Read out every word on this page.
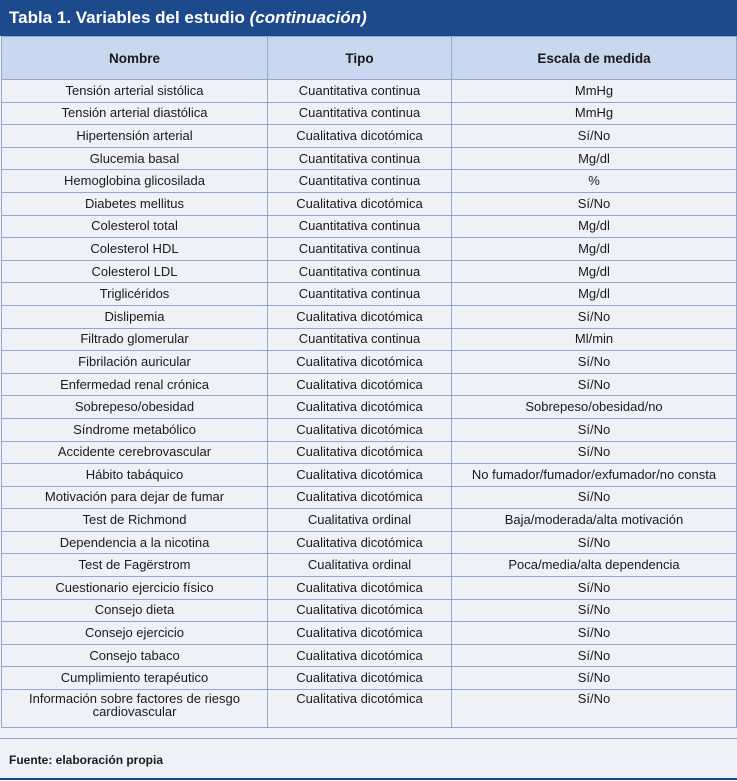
Tabla 1. Variables del estudio (continuación)
Nombre	Tipo	Escala de medida
Tensión arterial sistólica	Cuantitativa continua	MmHg
Tensión arterial diastólica	Cuantitativa continua	MmHg
Hipertensión arterial	Cualitativa dicotómica	Sí/No
Glucemia basal	Cuantitativa continua	Mg/dl
Hemoglobina glicosilada	Cuantitativa continua	%
Diabetes mellitus	Cualitativa dicotómica	Sí/No
Colesterol total	Cuantitativa continua	Mg/dl
Colesterol HDL	Cuantitativa continua	Mg/dl
Colesterol LDL	Cuantitativa continua	Mg/dl
Triglicéridos	Cuantitativa continua	Mg/dl
Dislipemia	Cualitativa dicotómica	Sí/No
Filtrado glomerular	Cuantitativa continua	Ml/min
Fibrilación auricular	Cualitativa dicotómica	Sí/No
Enfermedad renal crónica	Cualitativa dicotómica	Sí/No
Sobrepeso/obesidad	Cualitativa dicotómica	Sobrepeso/obesidad/no
Síndrome metabólico	Cualitativa dicotómica	Sí/No
Accidente cerebrovascular	Cualitativa dicotómica	Sí/No
Hábito tabáquico	Cualitativa dicotómica	No fumador/fumador/exfumador/no consta
Motivación para dejar de fumar	Cualitativa dicotómica	Sí/No
Test de Richmond	Cualitativa ordinal	Baja/moderada/alta motivación
Dependencia a la nicotina	Cualitativa dicotómica	Sí/No
Test de Fagërstrom	Cualitativa ordinal	Poca/media/alta dependencia
Cuestionario ejercicio físico	Cualitativa dicotómica	Sí/No
Consejo dieta	Cualitativa dicotómica	Sí/No
Consejo ejercicio	Cualitativa dicotómica	Sí/No
Consejo tabaco	Cualitativa dicotómica	Sí/No
Cumplimiento terapéutico	Cualitativa dicotómica	Sí/No
Información sobre factores de riesgo cardiovascular	Cualitativa dicotómica	Sí/No
Fuente: elaboración propia
